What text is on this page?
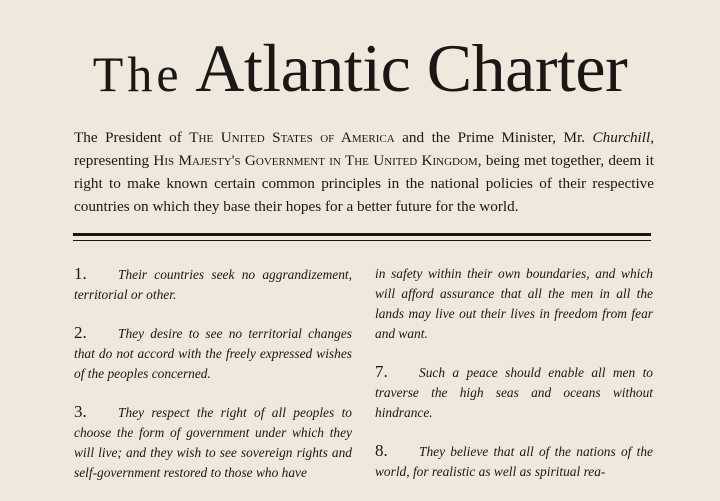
The Atlantic Charter
The President of The United States of America and the Prime Minister, Mr. Churchill, representing His Majesty's Government in The United Kingdom, being met together, deem it right to make known certain common principles in the national policies of their respective countries on which they base their hopes for a better future for the world.

1. Their countries seek no aggrandizement, territorial or other.

2. They desire to see no territorial changes that do not accord with the freely expressed wishes of the peoples concerned.

3. They respect the right of all peoples to choose the form of government under which they will live; and they wish to see sovereign rights and self-government restored to those who have

in safety within their own boundaries, and which will afford assurance that all the men in all the lands may live out their lives in freedom from fear and want.

7. Such a peace should enable all men to traverse the high seas and oceans without hindrance.

8. They believe that all of the nations of the world, for realistic as well as spiritual rea-
